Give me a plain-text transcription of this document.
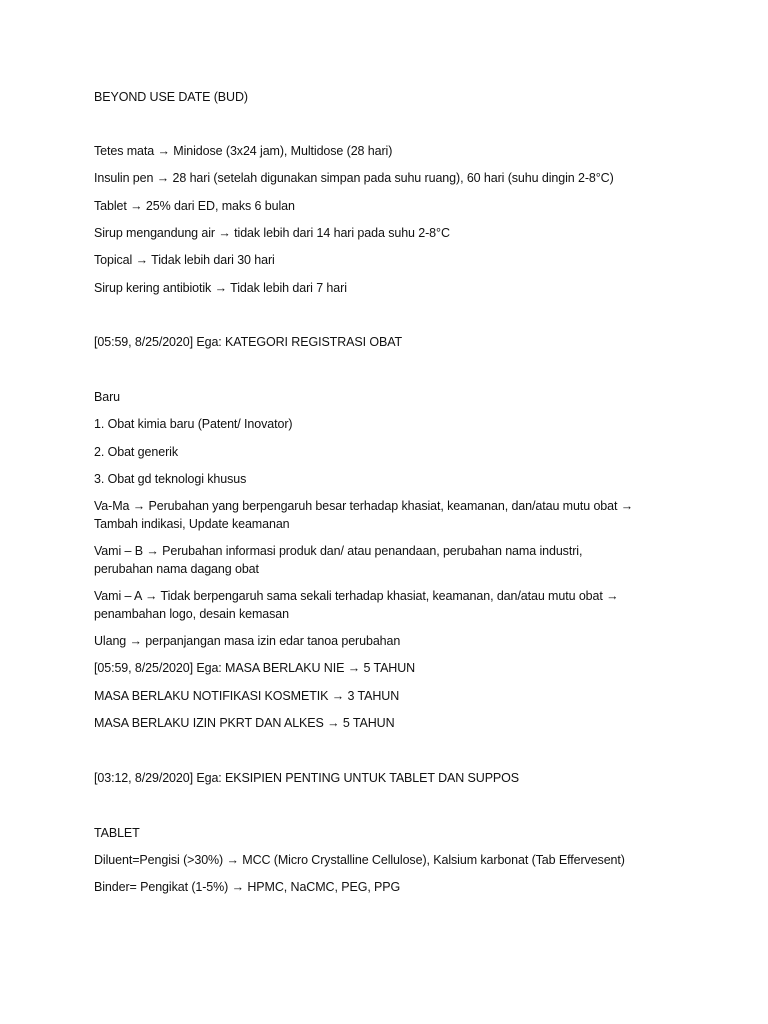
BEYOND USE DATE (BUD)
Tetes mata → Minidose (3x24 jam), Multidose (28 hari)
Insulin pen → 28 hari (setelah digunakan simpan pada suhu ruang), 60 hari (suhu dingin 2-8°C)
Tablet → 25% dari ED, maks 6 bulan
Sirup mengandung air → tidak lebih dari 14 hari pada suhu 2-8°C
Topical → Tidak lebih dari 30 hari
Sirup kering antibiotik → Tidak lebih dari 7 hari
[05:59, 8/25/2020] Ega: KATEGORI REGISTRASI OBAT
Baru
1. Obat kimia baru (Patent/ Inovator)
2. Obat generik
3. Obat gd teknologi khusus
Va-Ma → Perubahan yang berpengaruh besar terhadap khasiat, keamanan, dan/atau mutu obat →
Tambah indikasi, Update keamanan
Vami – B → Perubahan informasi produk dan/ atau penandaan, perubahan nama industri,
perubahan nama dagang obat
Vami – A → Tidak berpengaruh sama sekali terhadap khasiat, keamanan, dan/atau mutu obat →
penambahan logo, desain kemasan
Ulang → perpanjangan masa izin edar tanoa perubahan
[05:59, 8/25/2020] Ega: MASA BERLAKU NIE → 5 TAHUN
MASA BERLAKU NOTIFIKASI KOSMETIK → 3 TAHUN
MASA BERLAKU IZIN PKRT DAN ALKES → 5 TAHUN
[03:12, 8/29/2020] Ega: EKSIPIEN PENTING UNTUK TABLET DAN SUPPOS
TABLET
Diluent=Pengisi (>30%) → MCC (Micro Crystalline Cellulose), Kalsium karbonat (Tab Effervesent)
Binder= Pengikat (1-5%) → HPMC, NaCMC, PEG, PPG
